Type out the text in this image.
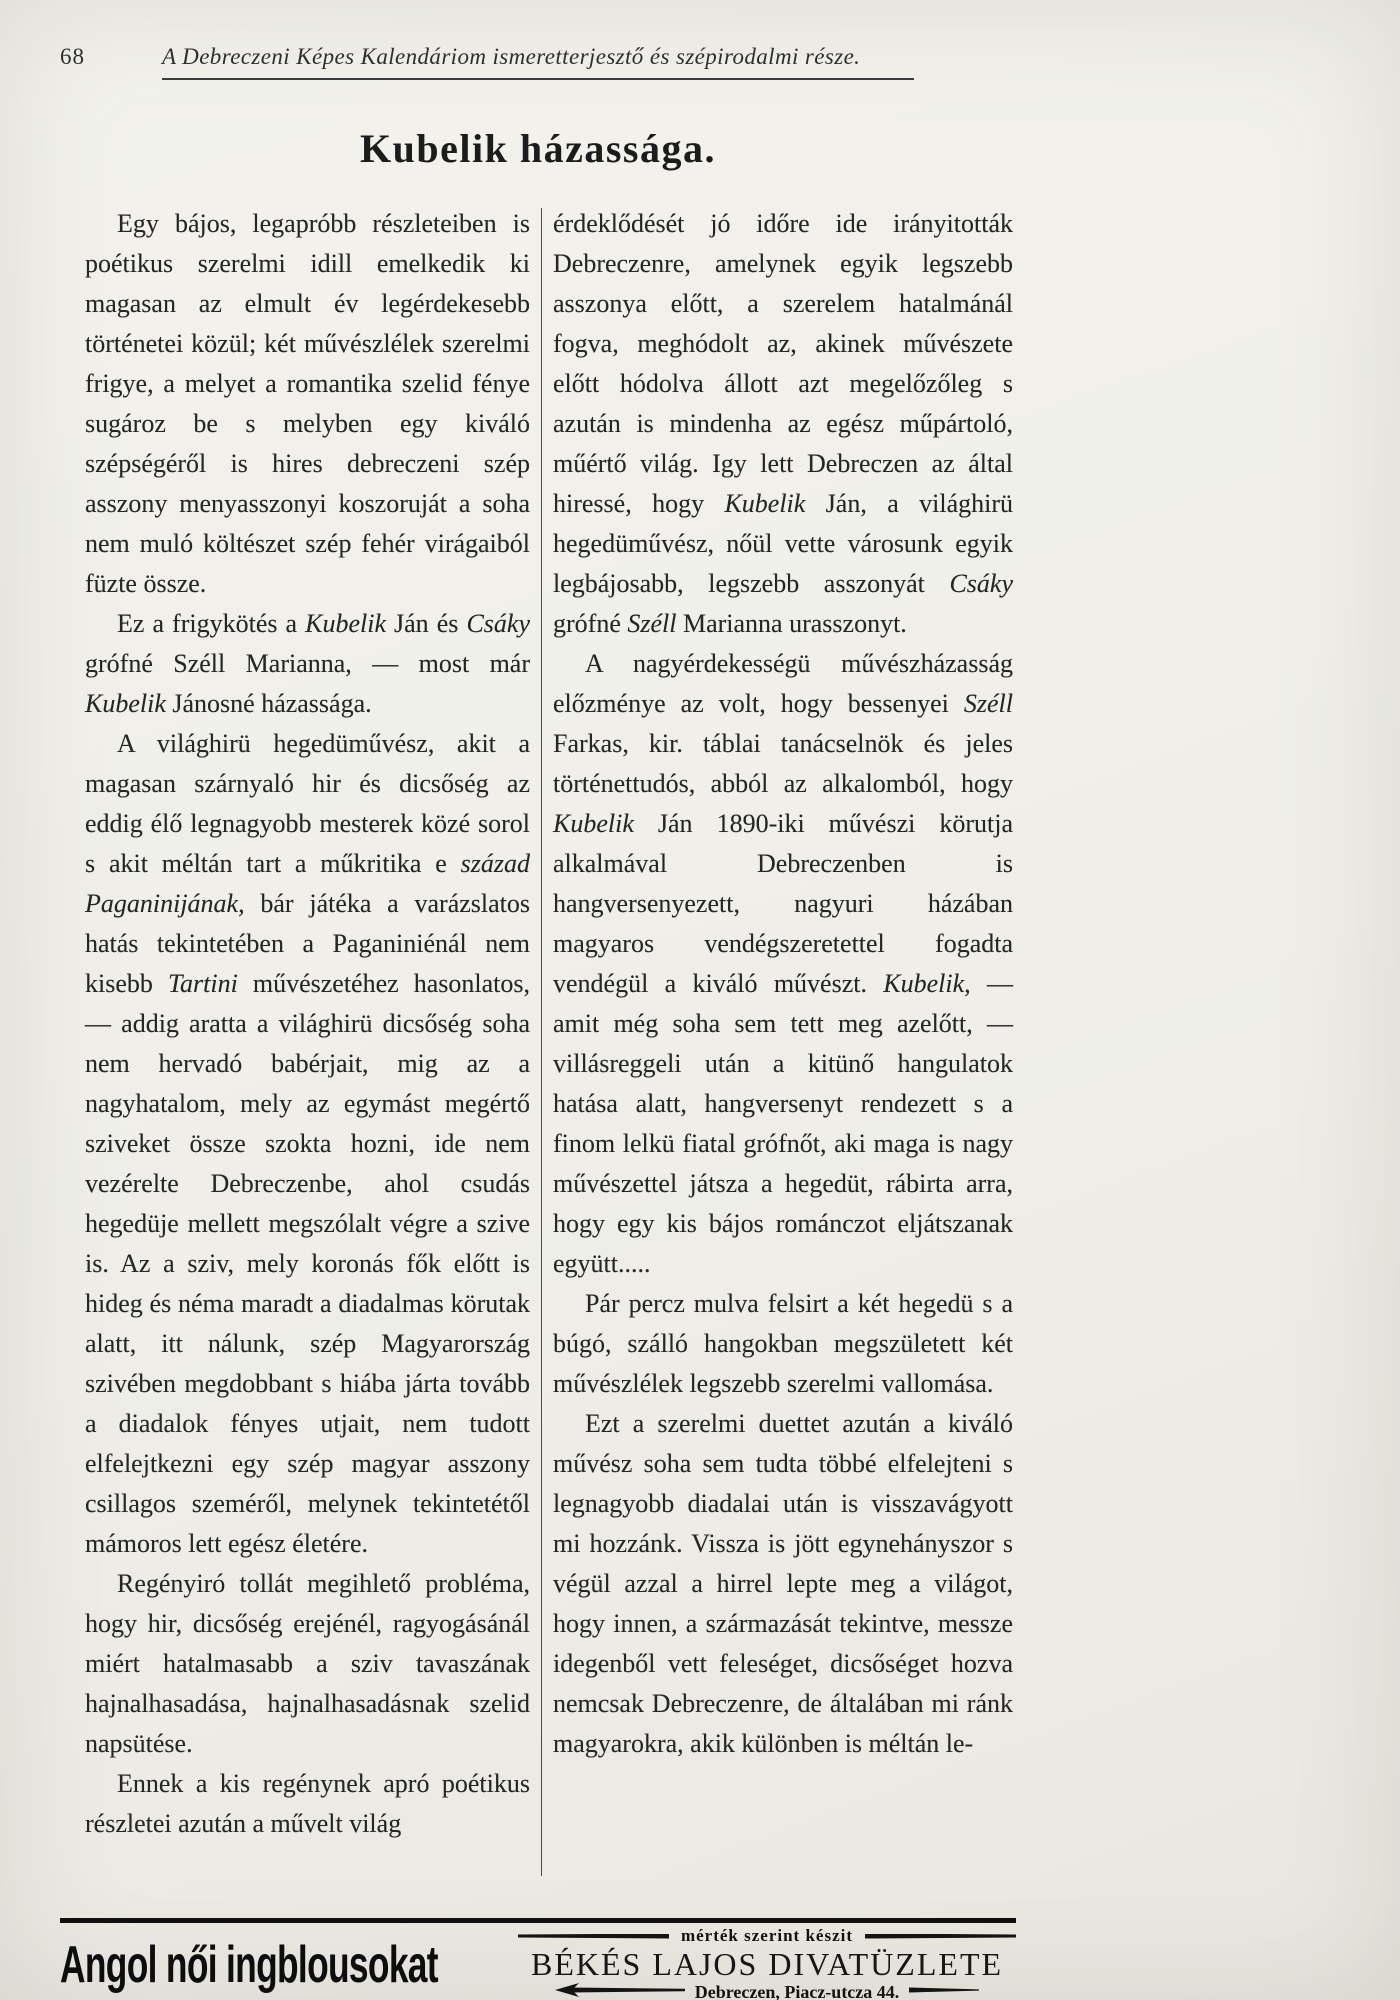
68	A Debreczeni Képes Kalendáriom ismeretterjesztő és szépirodalmi része.
Kubelik házassága.

Egy bájos, legapróbb részleteiben is poétikus szerelmi idill emelkedik ki magasan az elmult év legérdekesebb történetei közül; két művészlélek szerelmi frigye, a melyet a romantika szelid fénye sugároz be s melyben egy kiváló szépségéről is hires debreczeni szép asszony menyasszonyi koszoruját a soha nem muló költészet szép fehér virágaiból füzte össze.

Ez a frigykötés a Kubelik Ján és Csáky grófné Széll Marianna, — most már Kubelik Jánosné házassága.

A világhirü hegedüművész, akit a magasan szárnyaló hir és dicsőség az eddig élő legnagyobb mesterek közé sorol s akit méltán tart a műkritika e század Paganinijának, bár játéka a varázslatos hatás tekintetében a Paganiniénál nem kisebb Tartini művészetéhez hasonlatos, — addig aratta a világhirü dicsőség soha nem hervadó babérjait, mig az a nagyhatalom, mely az egymást megértő sziveket össze szokta hozni, ide nem vezérelte Debreczenbe, ahol csudás hegedüje mellett megszólalt végre a szive is. Az a sziv, mely koronás fők előtt is hideg és néma maradt a diadalmas körutak alatt, itt nálunk, szép Magyarország szivében megdobbant s hiába járta tovább a diadalok fényes utjait, nem tudott elfelejtkezni egy szép magyar asszony csillagos szeméről, melynek tekintetétől mámoros lett egész életére.

Regényiró tollát megihlető probléma, hogy hir, dicsőség erejénél, ragyogásánál miért hatalmasabb a sziv tavaszának hajnalhasadása, hajnalhasadásnak szelid napsütése.

Ennek a kis regénynek apró poétikus részletei azután a művelt világ

érdeklődését jó időre ide irányitották Debreczenre, amelynek egyik legszebb asszonya előtt, a szerelem hatalmánál fogva, meghódolt az, akinek művészete előtt hódolva állott azt megelőzőleg s azután is mindenha az egész műpártoló, műértő világ. Igy lett Debreczen az által hiressé, hogy Kubelik Ján, a világhirü hegedüművész, nőül vette városunk egyik legbájosabb, legszebb asszonyát Csáky grófné Széll Marianna urasszonyt.

A nagyérdekességü művészházasság előzménye az volt, hogy bessenyei Széll Farkas, kir. táblai tanácselnök és jeles történettudós, abból az alkalomból, hogy Kubelik Ján 1890-iki művészi körutja alkalmával Debreczenben is hangversenyezett, nagyuri házában magyaros vendégszeretettel fogadta vendégül a kiváló művészt. Kubelik, — amit még soha sem tett meg azelőtt, — villásreggeli után a kitünő hangulatok hatása alatt, hangversenyt rendezett s a finom lelkü fiatal grófnőt, aki maga is nagy művészettel játsza a hegedüt, rábirta arra, hogy egy kis bájos románczot eljátszanak együtt.....

Pár percz mulva felsirt a két hegedü s a búgó, szálló hangokban megszületett két művészlélek legszebb szerelmi vallomása.

Ezt a szerelmi duettet azután a kiváló művész soha sem tudta többé elfelejteni s legnagyobb diadalai után is visszavágyott mi hozzánk. Vissza is jött egynehányszor s végül azzal a hirrel lepte meg a világot, hogy innen, a származását tekintve, messze idegenből vett feleséget, dicsőséget hozva nemcsak Debreczenre, de általában mi ránk magyarokra, akik különben is méltán le-

Angol női ingblousokat	mérték szerint készit
BÉKÉS LAJOS DIVATÜZLETE
Debreczen, Piacz-utcza 44.
